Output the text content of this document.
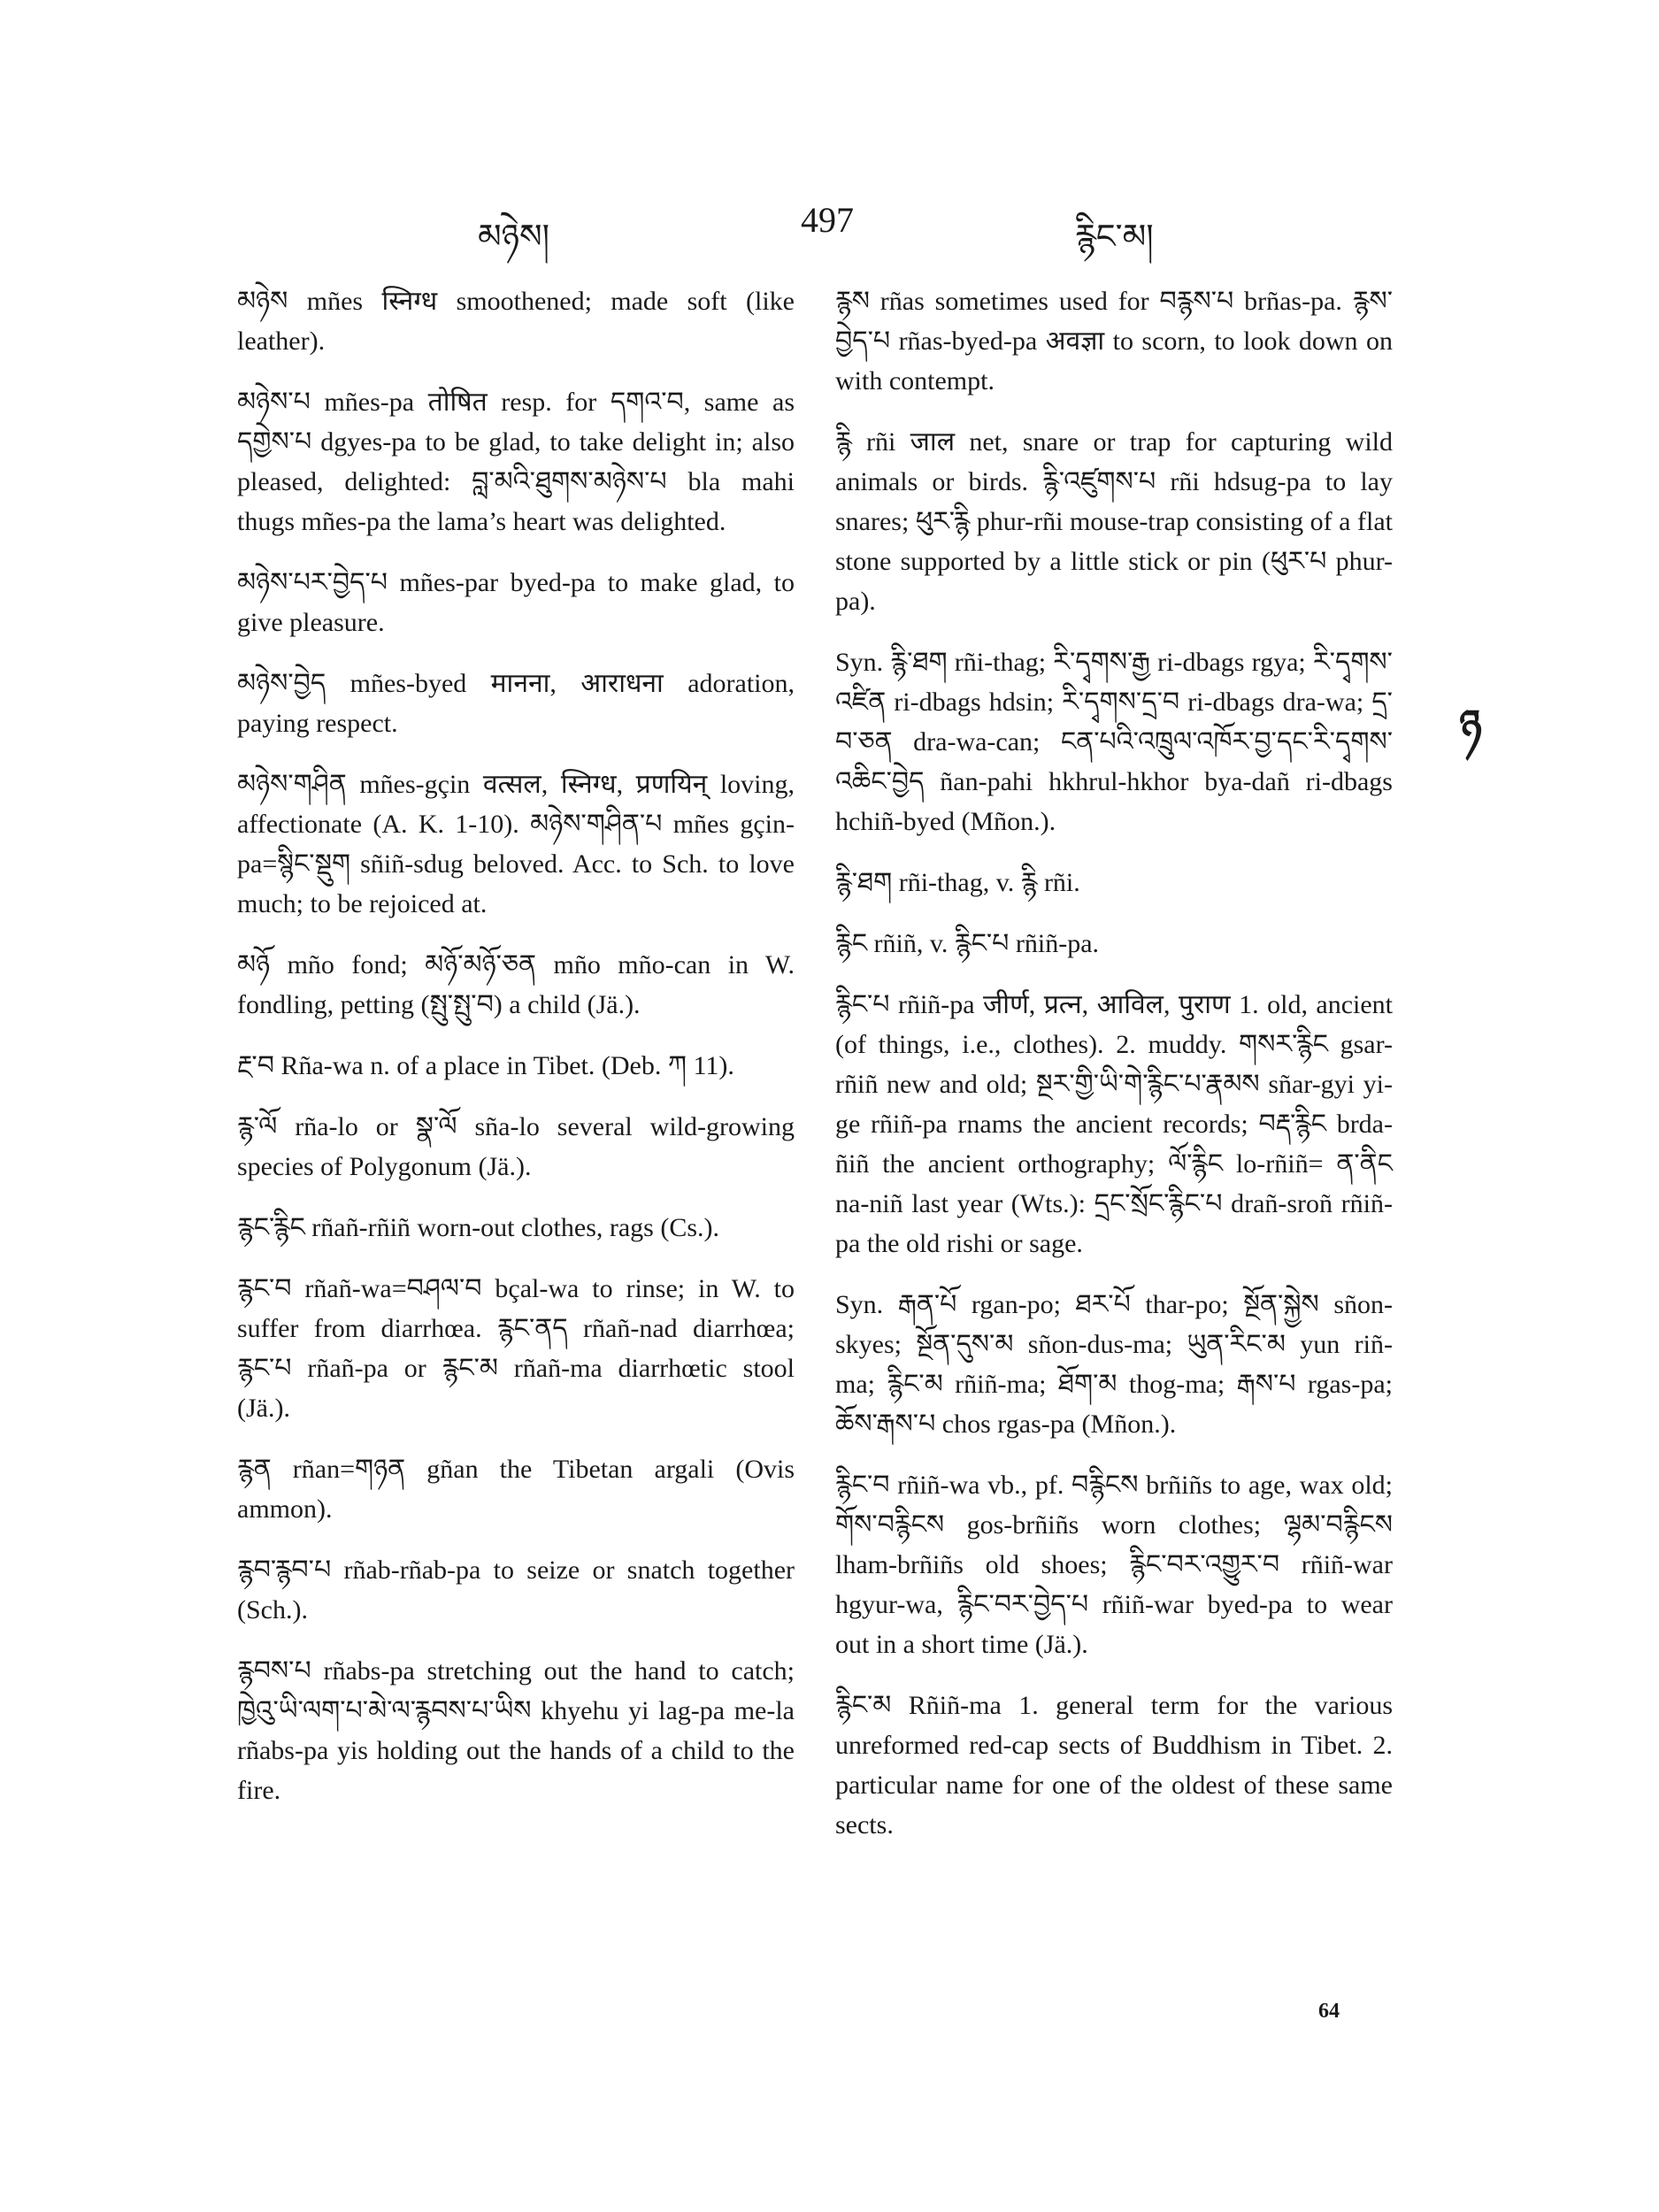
མཉེས།	497	རྙིང་མ།

མཉེས mñes स्निग्ध smoothened; made soft (like leather).

མཉེས་པ mñes-pa तोषित resp. for དགའ་བ, same as དགྱེས་པ dgyes-pa to be glad, to take delight in; also pleased, delighted: བླ་མའི་ཐུགས་མཉེས་པ bla mahi thugs mñes-pa the lama’s heart was delighted.

མཉེས་པར་བྱེད་པ mñes-par byed-pa to make glad, to give pleasure.

མཉེས་བྱེད mñes-byed मानना, आराधना adoration, paying respect.

མཉེས་གཤིན mñes-gçin वत्सल, स्निग्ध, प्रणयिन् loving, affectionate (A. K. 1-10). མཉེས་གཤིན་པ mñes gçin-pa=སྙིང་སྡུག sñiñ-sdug beloved. Acc. to Sch. to love much; to be rejoiced at.

མཉོ mño fond; མཉོ་མཉོ་ཅན mño mño-can in W. fondling, petting (སྤུ་སྤུ་བ) a child (Jä.).

རྔ་བ Rña-wa n. of a place in Tibet. (Deb. ཀ 11).

རྙ་ལོ rña-lo or སྣ་ལོ sña-lo several wild-growing species of Polygonum (Jä.).

རྙང་རྙིང rñañ-rñiñ worn-out clothes, rags (Cs.).

རྙང་བ rñañ-wa=བཤལ་བ bçal-wa to rinse; in W. to suffer from diarrhœa. རྙང་ནད rñañ-nad diarrhœa; རྙང་པ rñañ-pa or རྙང་མ rñañ-ma diarrhœtic stool (Jä.).

རྙན rñan=གཉན gñan the Tibetan argali (Ovis ammon).

རྙབ་རྙབ་པ rñab-rñab-pa to seize or snatch together (Sch.).

རྙབས་པ rñabs-pa stretching out the hand to catch; ཁྱེའུ་ཡི་ལག་པ་མེ་ལ་རྙབས་པ་ཡིས khyehu yi lag-pa me-la rñabs-pa yis holding out the hands of a child to the fire.

རྙས rñas sometimes used for བརྙས་པ brñas-pa. རྙས་བྱེད་པ rñas-byed-pa अवज्ञा to scorn, to look down on with contempt.

རྙི rñi जाल net, snare or trap for capturing wild animals or birds. རྙི་འཛུགས་པ rñi hdsug-pa to lay snares; ཕུར་རྙི phur-rñi mouse-trap consisting of a flat stone supported by a little stick or pin (ཕུར་པ phur-pa).

Syn. རྙི་ཐག rñi-thag; རི་དྭགས་རྒྱ ri-dbags rgya; རི་དྭགས་འཛིན ri-dbags hdsin; རི་དྭགས་དྲ་བ ri-dbags dra-wa; དྲ་བ་ཅན dra-wa-can; ངན་པའི་འཁྲུལ་འཁོར་བྱ་དང་རི་དྭགས་འཆིང་བྱེད ñan-pahi hkhrul-hkhor bya-dañ ri-dbags hchiñ-byed (Mñon.).

རྙི་ཐག rñi-thag, v. རྙི rñi.

རྙིང rñiñ, v. རྙིང་པ rñiñ-pa.

རྙིང་པ rñiñ-pa जीर्ण, प्रत्न, आविल, पुराण 1. old, ancient (of things, i.e., clothes). 2. muddy. གསར་རྙིང gsar-rñiñ new and old; སྔར་གྱི་ཡི་གེ་རྙིང་པ་རྣམས sñar-gyi yi-ge rñiñ-pa rnams the ancient records; བརྡ་རྙིང brda-ñiñ the ancient orthography; ལོ་རྙིང lo-rñiñ= ན་ནིང na-niñ last year (Wts.): དྲང་སྲོང་རྙིང་པ drañ-sroñ rñiñ-pa the old rishi or sage.

Syn. རྒན་པོ rgan-po; ཐར་པོ thar-po; སྔོན་སྐྱེས sñon-skyes; སྔོན་དུས་མ sñon-dus-ma; ཡུན་རིང་མ yun riñ-ma; རྙིང་མ rñiñ-ma; ཐོག་མ thog-ma; རྒས་པ rgas-pa; ཆོས་རྒས་པ chos rgas-pa (Mñon.).

རྙིང་བ rñiñ-wa vb., pf. བརྙིངས brñiñs to age, wax old; གོས་བརྙིངས gos-brñiñs worn clothes; ལྷམ་བརྙིངས lham-brñiñs old shoes; རྙིང་བར་འགྱུར་བ rñiñ-war hgyur-wa, རྙིང་བར་བྱེད་པ rñiñ-war byed-pa to wear out in a short time (Jä.).

རྙིང་མ Rñiñ-ma 1. general term for the various unreformed red-cap sects of Buddhism in Tibet. 2. particular name for one of the oldest of these same sects.

ཉ
64
